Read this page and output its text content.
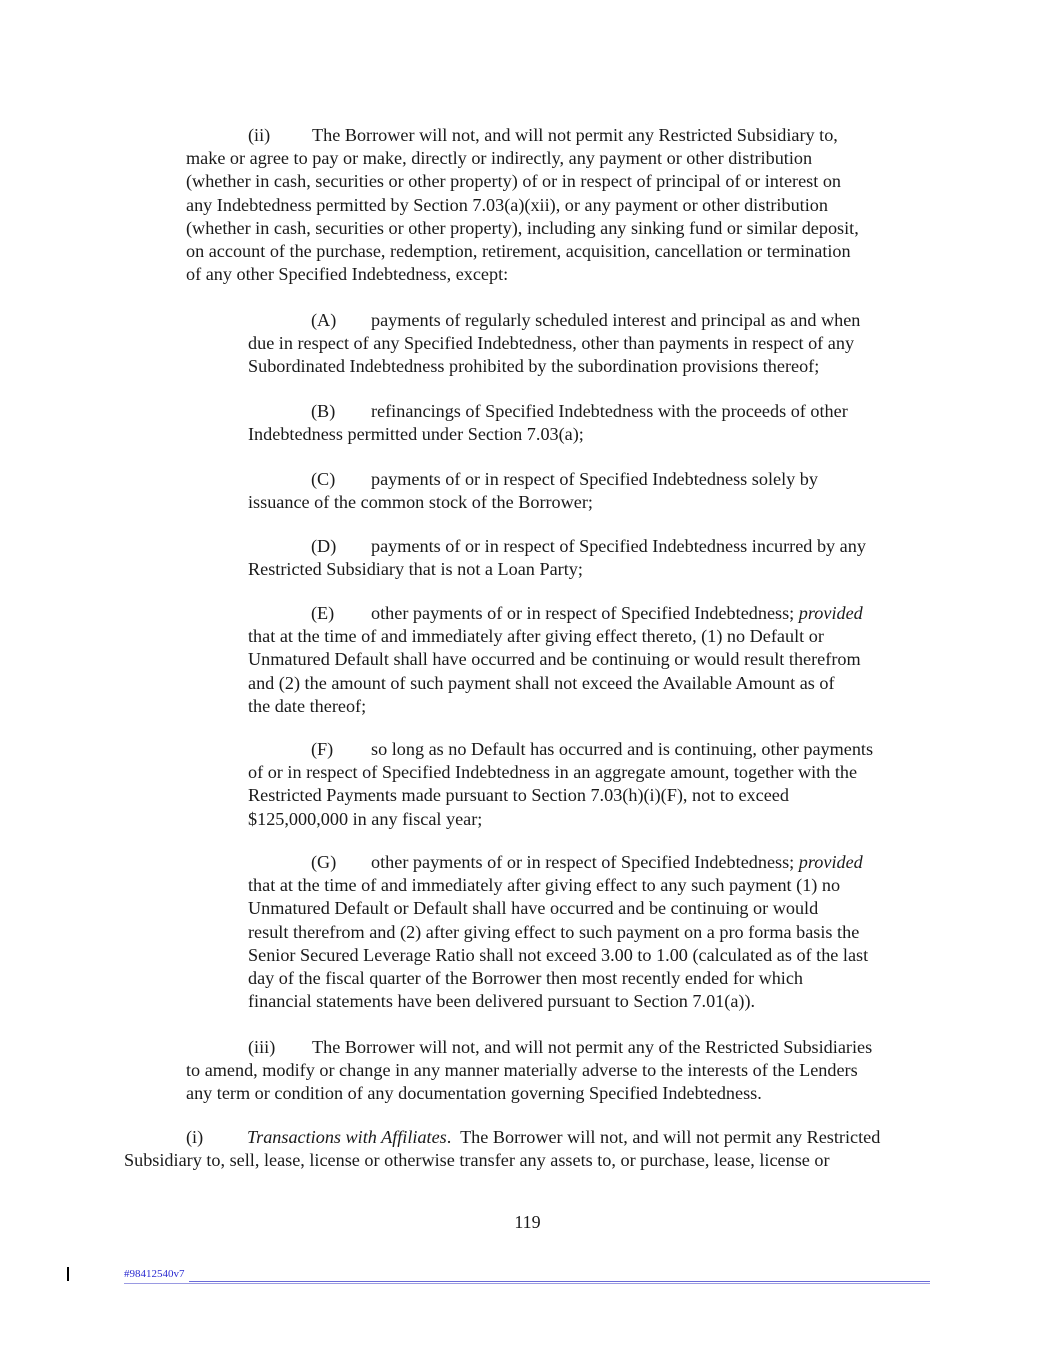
(ii) The Borrower will not, and will not permit any Restricted Subsidiary to,
make or agree to pay or make, directly or indirectly, any payment or other distribution
(whether in cash, securities or other property) of or in respect of principal of or interest on
any Indebtedness permitted by Section 7.03(a)(xii), or any payment or other distribution
(whether in cash, securities or other property), including any sinking fund or similar deposit,
on account of the purchase, redemption, retirement, acquisition, cancellation or termination
of any other Specified Indebtedness, except:
(A) payments of regularly scheduled interest and principal as and when
due in respect of any Specified Indebtedness, other than payments in respect of any
Subordinated Indebtedness prohibited by the subordination provisions thereof;
(B) refinancings of Specified Indebtedness with the proceeds of other
Indebtedness permitted under Section 7.03(a);
(C) payments of or in respect of Specified Indebtedness solely by
issuance of the common stock of the Borrower;
(D) payments of or in respect of Specified Indebtedness incurred by any
Restricted Subsidiary that is not a Loan Party;
(E) other payments of or in respect of Specified Indebtedness; provided
that at the time of and immediately after giving effect thereto, (1) no Default or
Unmatured Default shall have occurred and be continuing or would result therefrom
and (2) the amount of such payment shall not exceed the Available Amount as of
the date thereof;
(F) so long as no Default has occurred and is continuing, other payments
of or in respect of Specified Indebtedness in an aggregate amount, together with the
Restricted Payments made pursuant to Section 7.03(h)(i)(F), not to exceed
$125,000,000 in any fiscal year;
(G) other payments of or in respect of Specified Indebtedness; provided
that at the time of and immediately after giving effect to any such payment (1) no
Unmatured Default or Default shall have occurred and be continuing or would
result therefrom and (2) after giving effect to such payment on a pro forma basis the
Senior Secured Leverage Ratio shall not exceed 3.00 to 1.00 (calculated as of the last
day of the fiscal quarter of the Borrower then most recently ended for which
financial statements have been delivered pursuant to Section 7.01(a)).
(iii) The Borrower will not, and will not permit any of the Restricted Subsidiaries
to amend, modify or change in any manner materially adverse to the interests of the Lenders
any term or condition of any documentation governing Specified Indebtedness.
(i) Transactions with Affiliates.  The Borrower will not, and will not permit any Restricted
Subsidiary to, sell, lease, license or otherwise transfer any assets to, or purchase, lease, license or
119
#98412540v7
